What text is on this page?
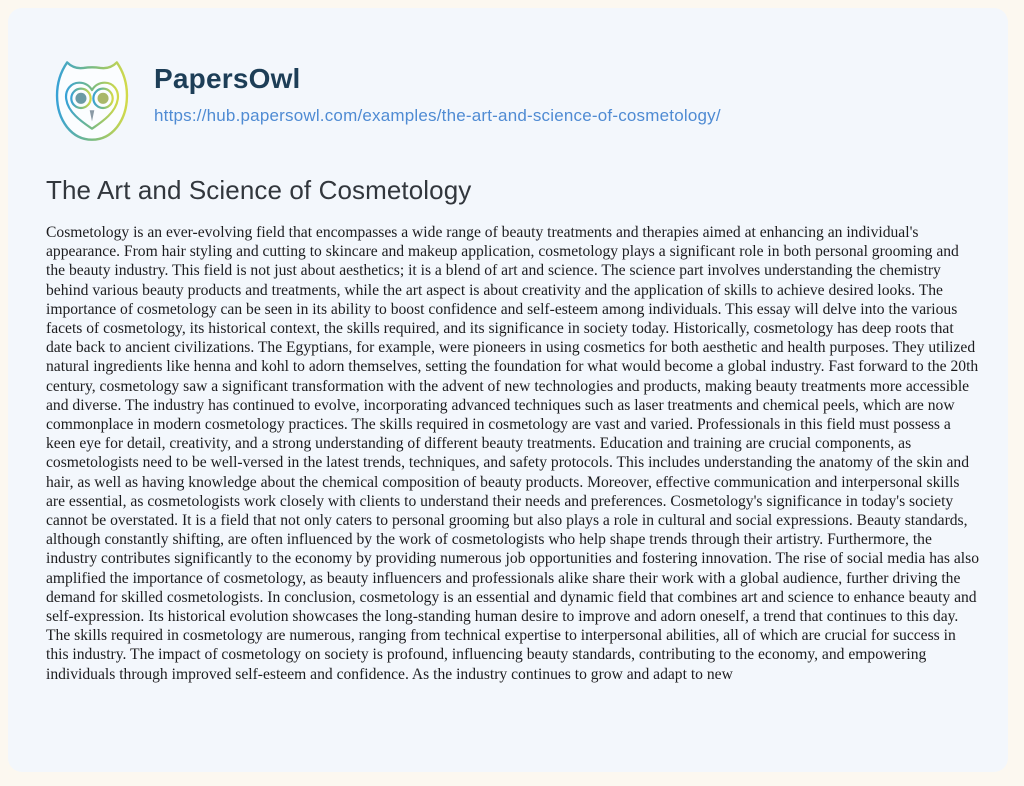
PapersOwl
https://hub.papersowl.com/examples/the-art-and-science-of-cosmetology/
The Art and Science of Cosmetology

Cosmetology is an ever-evolving field that encompasses a wide range of beauty treatments and therapies aimed at enhancing an individual's appearance. From hair styling and cutting to skincare and makeup application, cosmetology plays a significant role in both personal grooming and the beauty industry. This field is not just about aesthetics; it is a blend of art and science. The science part involves understanding the chemistry behind various beauty products and treatments, while the art aspect is about creativity and the application of skills to achieve desired looks. The importance of cosmetology can be seen in its ability to boost confidence and self-esteem among individuals. This essay will delve into the various facets of cosmetology, its historical context, the skills required, and its significance in society today. Historically, cosmetology has deep roots that date back to ancient civilizations. The Egyptians, for example, were pioneers in using cosmetics for both aesthetic and health purposes. They utilized natural ingredients like henna and kohl to adorn themselves, setting the foundation for what would become a global industry. Fast forward to the 20th century, cosmetology saw a significant transformation with the advent of new technologies and products, making beauty treatments more accessible and diverse. The industry has continued to evolve, incorporating advanced techniques such as laser treatments and chemical peels, which are now commonplace in modern cosmetology practices. The skills required in cosmetology are vast and varied. Professionals in this field must possess a keen eye for detail, creativity, and a strong understanding of different beauty treatments. Education and training are crucial components, as cosmetologists need to be well-versed in the latest trends, techniques, and safety protocols. This includes understanding the anatomy of the skin and hair, as well as having knowledge about the chemical composition of beauty products. Moreover, effective communication and interpersonal skills are essential, as cosmetologists work closely with clients to understand their needs and preferences. Cosmetology's significance in today's society cannot be overstated. It is a field that not only caters to personal grooming but also plays a role in cultural and social expressions. Beauty standards, although constantly shifting, are often influenced by the work of cosmetologists who help shape trends through their artistry. Furthermore, the industry contributes significantly to the economy by providing numerous job opportunities and fostering innovation. The rise of social media has also amplified the importance of cosmetology, as beauty influencers and professionals alike share their work with a global audience, further driving the demand for skilled cosmetologists. In conclusion, cosmetology is an essential and dynamic field that combines art and science to enhance beauty and self-expression. Its historical evolution showcases the long-standing human desire to improve and adorn oneself, a trend that continues to this day. The skills required in cosmetology are numerous, ranging from technical expertise to interpersonal abilities, all of which are crucial for success in this industry. The impact of cosmetology on society is profound, influencing beauty standards, contributing to the economy, and empowering individuals through improved self-esteem and confidence. As the industry continues to grow and adapt to new
